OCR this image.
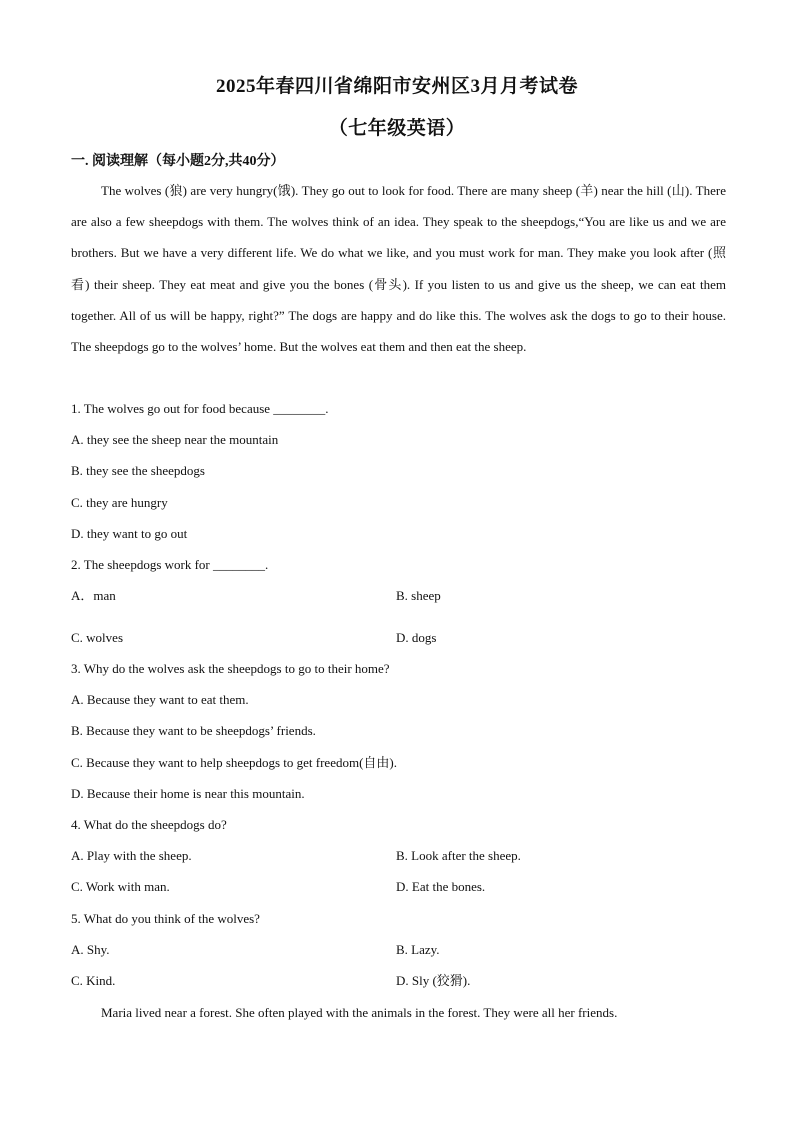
2025年春四川省绵阳市安州区3月月考试卷
（七年级英语）
一. 阅读理解（每小题2分,共40分）
The wolves (狼) are very hungry(饿). They go out to look for food. There are many sheep (羊) near the hill (山). There are also a few sheepdogs with them. The wolves think of an idea. They speak to the sheepdogs,“You are like us and we are brothers. But we have a very different life. We do what we like, and you must work for man. They make you look after (照看) their sheep. They eat meat and give you the bones (骨头). If you listen to us and give us the sheep, we can eat them together. All of us will be happy, right?” The dogs are happy and do like this. The wolves ask the dogs to go to their house. The sheepdogs go to the wolves’ home. But the wolves eat them and then eat the sheep.
1. The wolves go out for food because ________.
A. they see the sheep near the mountain
B. they see the sheepdogs
C. they are hungry
D. they want to go out
2. The sheepdogs work for ________.
A．man	B. sheep
C. wolves	D. dogs
3. Why do the wolves ask the sheepdogs to go to their home?
A. Because they want to eat them.
B. Because they want to be sheepdogs’ friends.
C. Because they want to help sheepdogs to get freedom(自由).
D. Because their home is near this mountain.
4. What do the sheepdogs do?
A. Play with the sheep.	B. Look after the sheep.
C. Work with man.	D. Eat the bones.
5. What do you think of the wolves?
A. Shy.	B. Lazy.
C. Kind.	D. Sly (狡猾).
Maria lived near a forest. She often played with the animals in the forest. They were all her friends.
